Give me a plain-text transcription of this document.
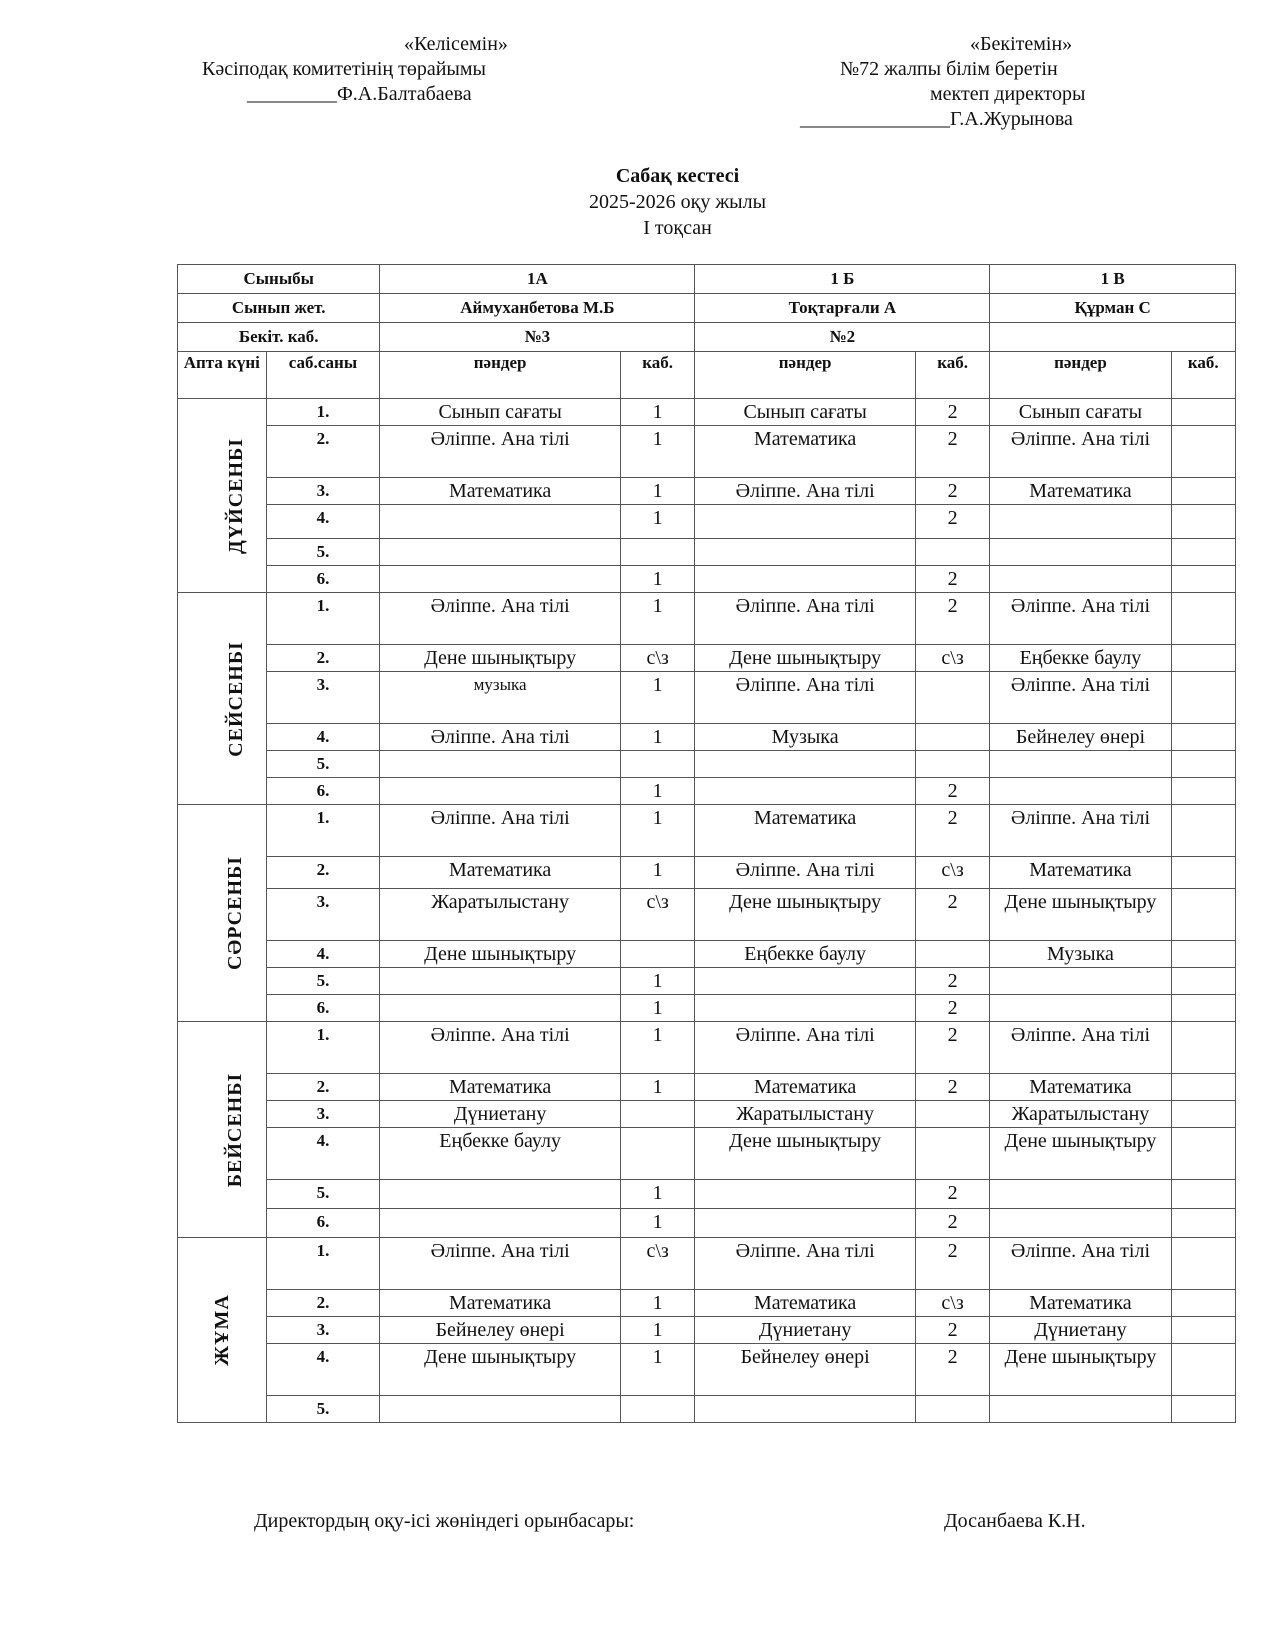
«Келісемін»
Кәсіподақ комитетінің төрайымы
_________Ф.А.Балтабаева
«Бекітемін»
№72 жалпы білім беретін
мектеп директоры
_______________Г.А.Журынова
Сабақ кестесі
2025-2026 оқу жылы
I тоқсан
Сыныбы		1А		1 Б		1 В	
Сынып жет.		Аймуханбетова М.Б		Тоқтарғали А		Құрман С	
Бекіт. каб.		№3		№2			
Апта күні	саб.саны	пәндер	каб.	пәндер	каб.	пәндер	каб.
ДҮЙСЕНБІ	1.	Сынып сағаты	1	Сынып сағаты	2	Сынып сағаты	
	2.	Әліппе. Ана тілі	1	Математика	2	Әліппе. Ана тілі	
	3.	Математика	1	Әліппе. Ана тілі	2	Математика	
	4.		1		2		
	5.						
	6.		1		2		
СЕЙСЕНБІ	1.	Әліппе. Ана тілі	1	Әліппе. Ана тілі	2	Әліппе. Ана тілі	
	2.	Дене шынықтыру	с\з	Дене шынықтыру	с\з	Еңбекке баулу	
	3.	музыка	1	Әліппе. Ана тілі		Әліппе. Ана тілі	
	4.	Әліппе. Ана тілі	1	Музыка		Бейнелеу өнері	
	5.						
	6.		1		2		
СӘРСЕНБІ	1.	Әліппе. Ана тілі	1	Математика	2	Әліппе. Ана тілі	
	2.	Математика	1	Әліппе. Ана тілі	с\з	Математика	
	3.	Жаратылыстану	с\з	Дене шынықтыру	2	Дене шынықтыру	
	4.	Дене шынықтыру		Еңбекке баулу		Музыка	
	5.		1		2		
	6.		1		2		
БЕЙСЕНБІ	1.	Әліппе. Ана тілі	1	Әліппе. Ана тілі	2	Әліппе. Ана тілі	
	2.	Математика	1	Математика	2	Математика	
	3.	Дүниетану		Жаратылыстану		Жаратылыстану	
	4.	Еңбекке баулу		Дене шынықтыру		Дене шынықтыру	
	5.		1		2		
	6.		1		2		
ЖҰМА	1.	Әліппе. Ана тілі	с\з	Әліппе. Ана тілі	2	Әліппе. Ана тілі	
	2.	Математика	1	Математика	с\з	Математика	
	3.	Бейнелеу өнері	1	Дүниетану	2	Дүниетану	
	4.	Дене шынықтыру	1	Бейнелеу өнері	2	Дене шынықтыру	
	5.						
Директордың оқу-ісі жөніндегі орынбасары:	Досанбаева К.Н.
